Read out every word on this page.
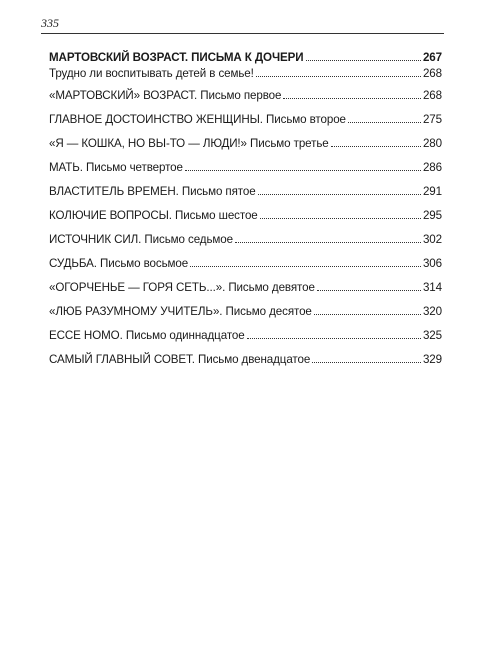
335
МАРТОВСКИЙ ВОЗРАСТ. ПИСЬМА К ДОЧЕРИ	267
Трудно ли воспитывать детей в семье!	268
«МАРТОВСКИЙ» ВОЗРАСТ. Письмо первое	268
ГЛАВНОЕ ДОСТОИНСТВО ЖЕНЩИНЫ. Письмо второе	275
«Я — КОШКА, НО ВЫ-ТО — ЛЮДИ!» Письмо третье	280
МАТЬ. Письмо четвертое	286
ВЛАСТИТЕЛЬ ВРЕМЕН. Письмо пятое	291
КОЛЮЧИЕ ВОПРОСЫ. Письмо шестое	295
ИСТОЧНИК СИЛ. Письмо седьмое	302
СУДЬБА. Письмо восьмое	306
«ОГОРЧЕНЬЕ — ГОРЯ СЕТЬ...». Письмо девятое	314
«ЛЮБ РАЗУМНОМУ УЧИТЕЛЬ». Письмо десятое	320
ECCE HOMO. Письмо одиннадцатое	325
САМЫЙ ГЛАВНЫЙ СОВЕТ. Письмо двенадцатое	329
